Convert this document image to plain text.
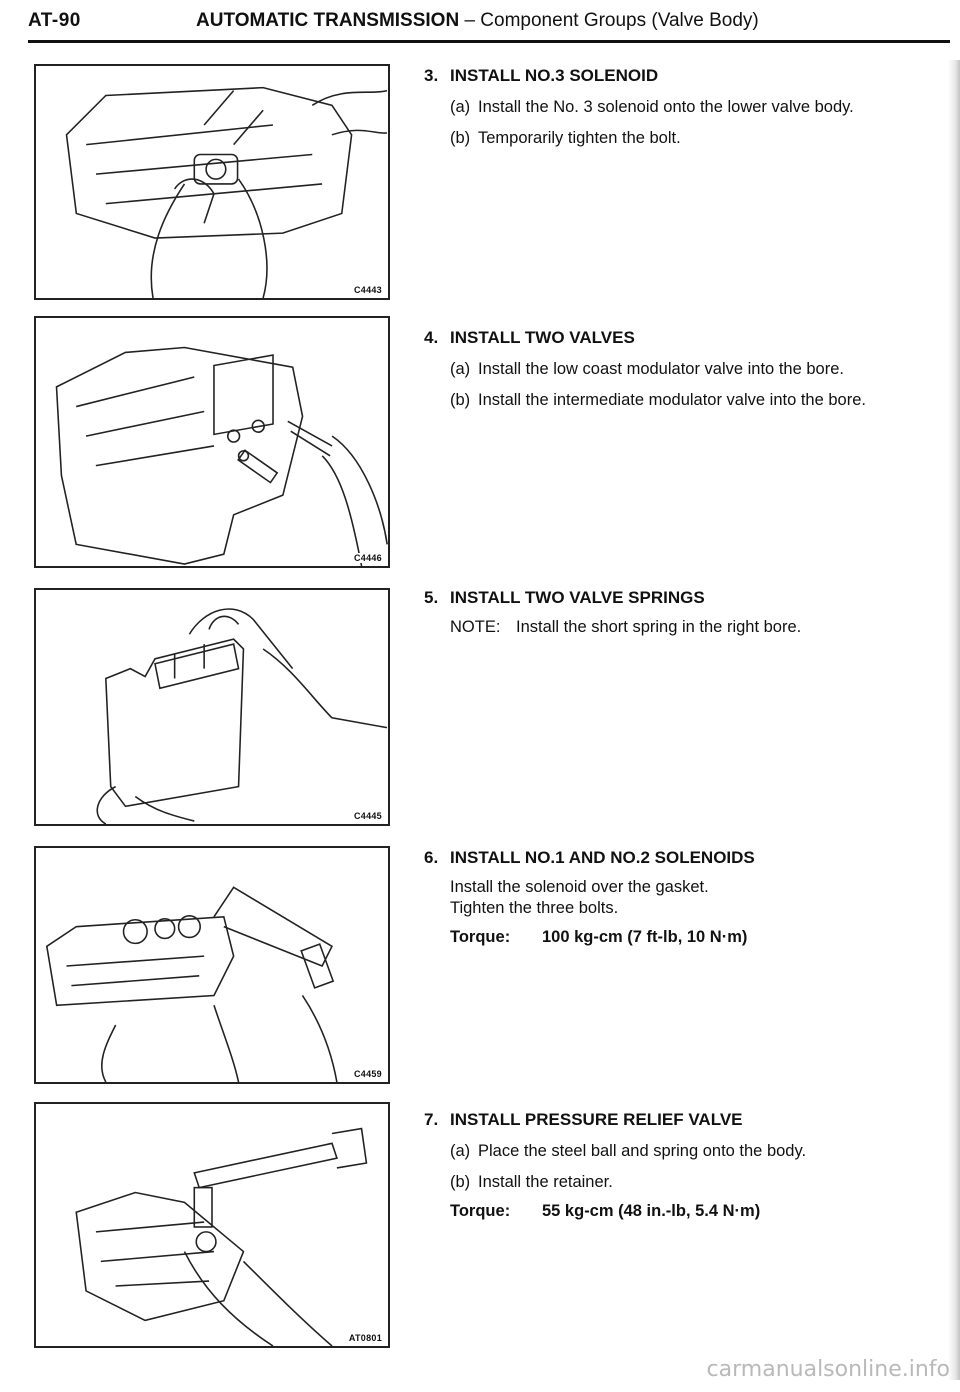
AT-90	AUTOMATIC TRANSMISSION – Component Groups (Valve Body)
C4443
C4446
C4445
C4459
AT0801
3. INSTALL NO.3 SOLENOID
(a) Install the No. 3 solenoid onto the lower valve body.
(b) Temporarily tighten the bolt.
4. INSTALL TWO VALVES
(a) Install the low coast modulator valve into the bore.
(b) Install the intermediate modulator valve into the bore.
5. INSTALL TWO VALVE SPRINGS
NOTE: Install the short spring in the right bore.
6. INSTALL NO.1 AND NO.2 SOLENOIDS
Install the solenoid over the gasket.
Tighten the three bolts.
Torque: 100 kg-cm (7 ft-lb, 10 N·m)
7. INSTALL PRESSURE RELIEF VALVE
(a) Place the steel ball and spring onto the body.
(b) Install the retainer.
Torque: 55 kg-cm (48 in.-lb, 5.4 N·m)
carmanualsonline.info
